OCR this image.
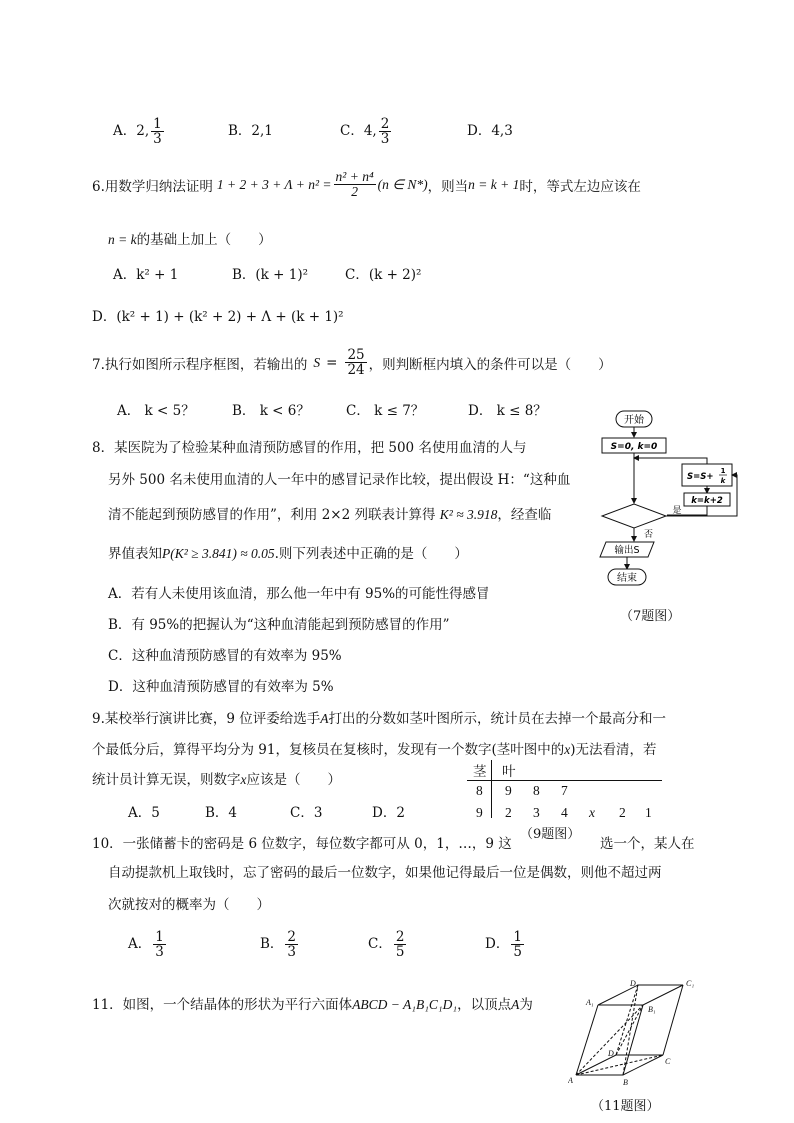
A．2, $\frac{1}{3}$	B．2,1	C．4, $\frac{2}{3}$	D．4,3
6.用数学归纳法证明 $1 + 2 + 3 + \Lambda + n^2 = \frac{\text{n² + n⁴}}{2} (n$ ∈ N*) ，则当 n = k + 1 时，等式左边应该在
n = k的基础上加上（　　）
A．k² + 1	B．(k + 1)²	C．(k + 2)²
D．(k² + 1) + (k² + 2) + Λ + (k + 1)²
7.执行如图所示程序框图，若输出的 $S = \frac{25}{24}$ ，则判断框内填入的条件可以是（　　）
A． k < 5？	B． k < 6？	C． k ≤ 7？	D． k ≤ 8？
开始
S=0, k=0
S=S+
1
k
k=k+2
是
否
输出S
结束
（7题图）
8．某医院为了检验某种血清预防感冒的作用，把 500 名使用血清的人与
另外 500 名未使用血清的人一年中的感冒记录作比较，提出假设 H：“这种血
清不能起到预防感冒的作用”，利用 2×2 列联表计算得 K² ≈ 3.918，经查临
界值表知P(K² ≥ 3.841) ≈ 0.05.则下列表述中正确的是（　　）
A．若有人未使用该血清，那么他一年中有 95%的可能性得感冒
B．有 95%的把握认为“这种血清能起到预防感冒的作用”
C．这种血清预防感冒的有效率为 95%
D．这种血清预防感冒的有效率为 5%
9.某校举行演讲比赛，9 位评委给选手A打出的分数如茎叶图所示，统计员在去掉一个最高分和一
个最低分后，算得平均分为 91，复核员在复核时，发现有一个数字(茎叶图中的x)无法看清，若
统计员计算无误，则数字x应该是（　　）
A．5	B．4	C．3	D．2
茎 叶
8 9 8 7
9 2 3 4 x 2 1
（9题图）
10．一张储蓄卡的密码是 6 位数字，每位数字都可从 0，1，…，9 这	选一个，某人在
自动提款机上取钱时，忘了密码的最后一位数字，如果他记得最后一位是偶数，则他不超过两
次就按对的概率为（　　）
A． $\frac{1}{3}$	B． $\frac{2}{3}$	C． $\frac{2}{5}$	D． $\frac{1}{5}$
11．如图，一个结晶体的形状为平行六面体ABCD − A₁B₁C₁D₁，以顶点A为	A₁
D₁	C₁
B₁
D
A	B
C
（11题图）
